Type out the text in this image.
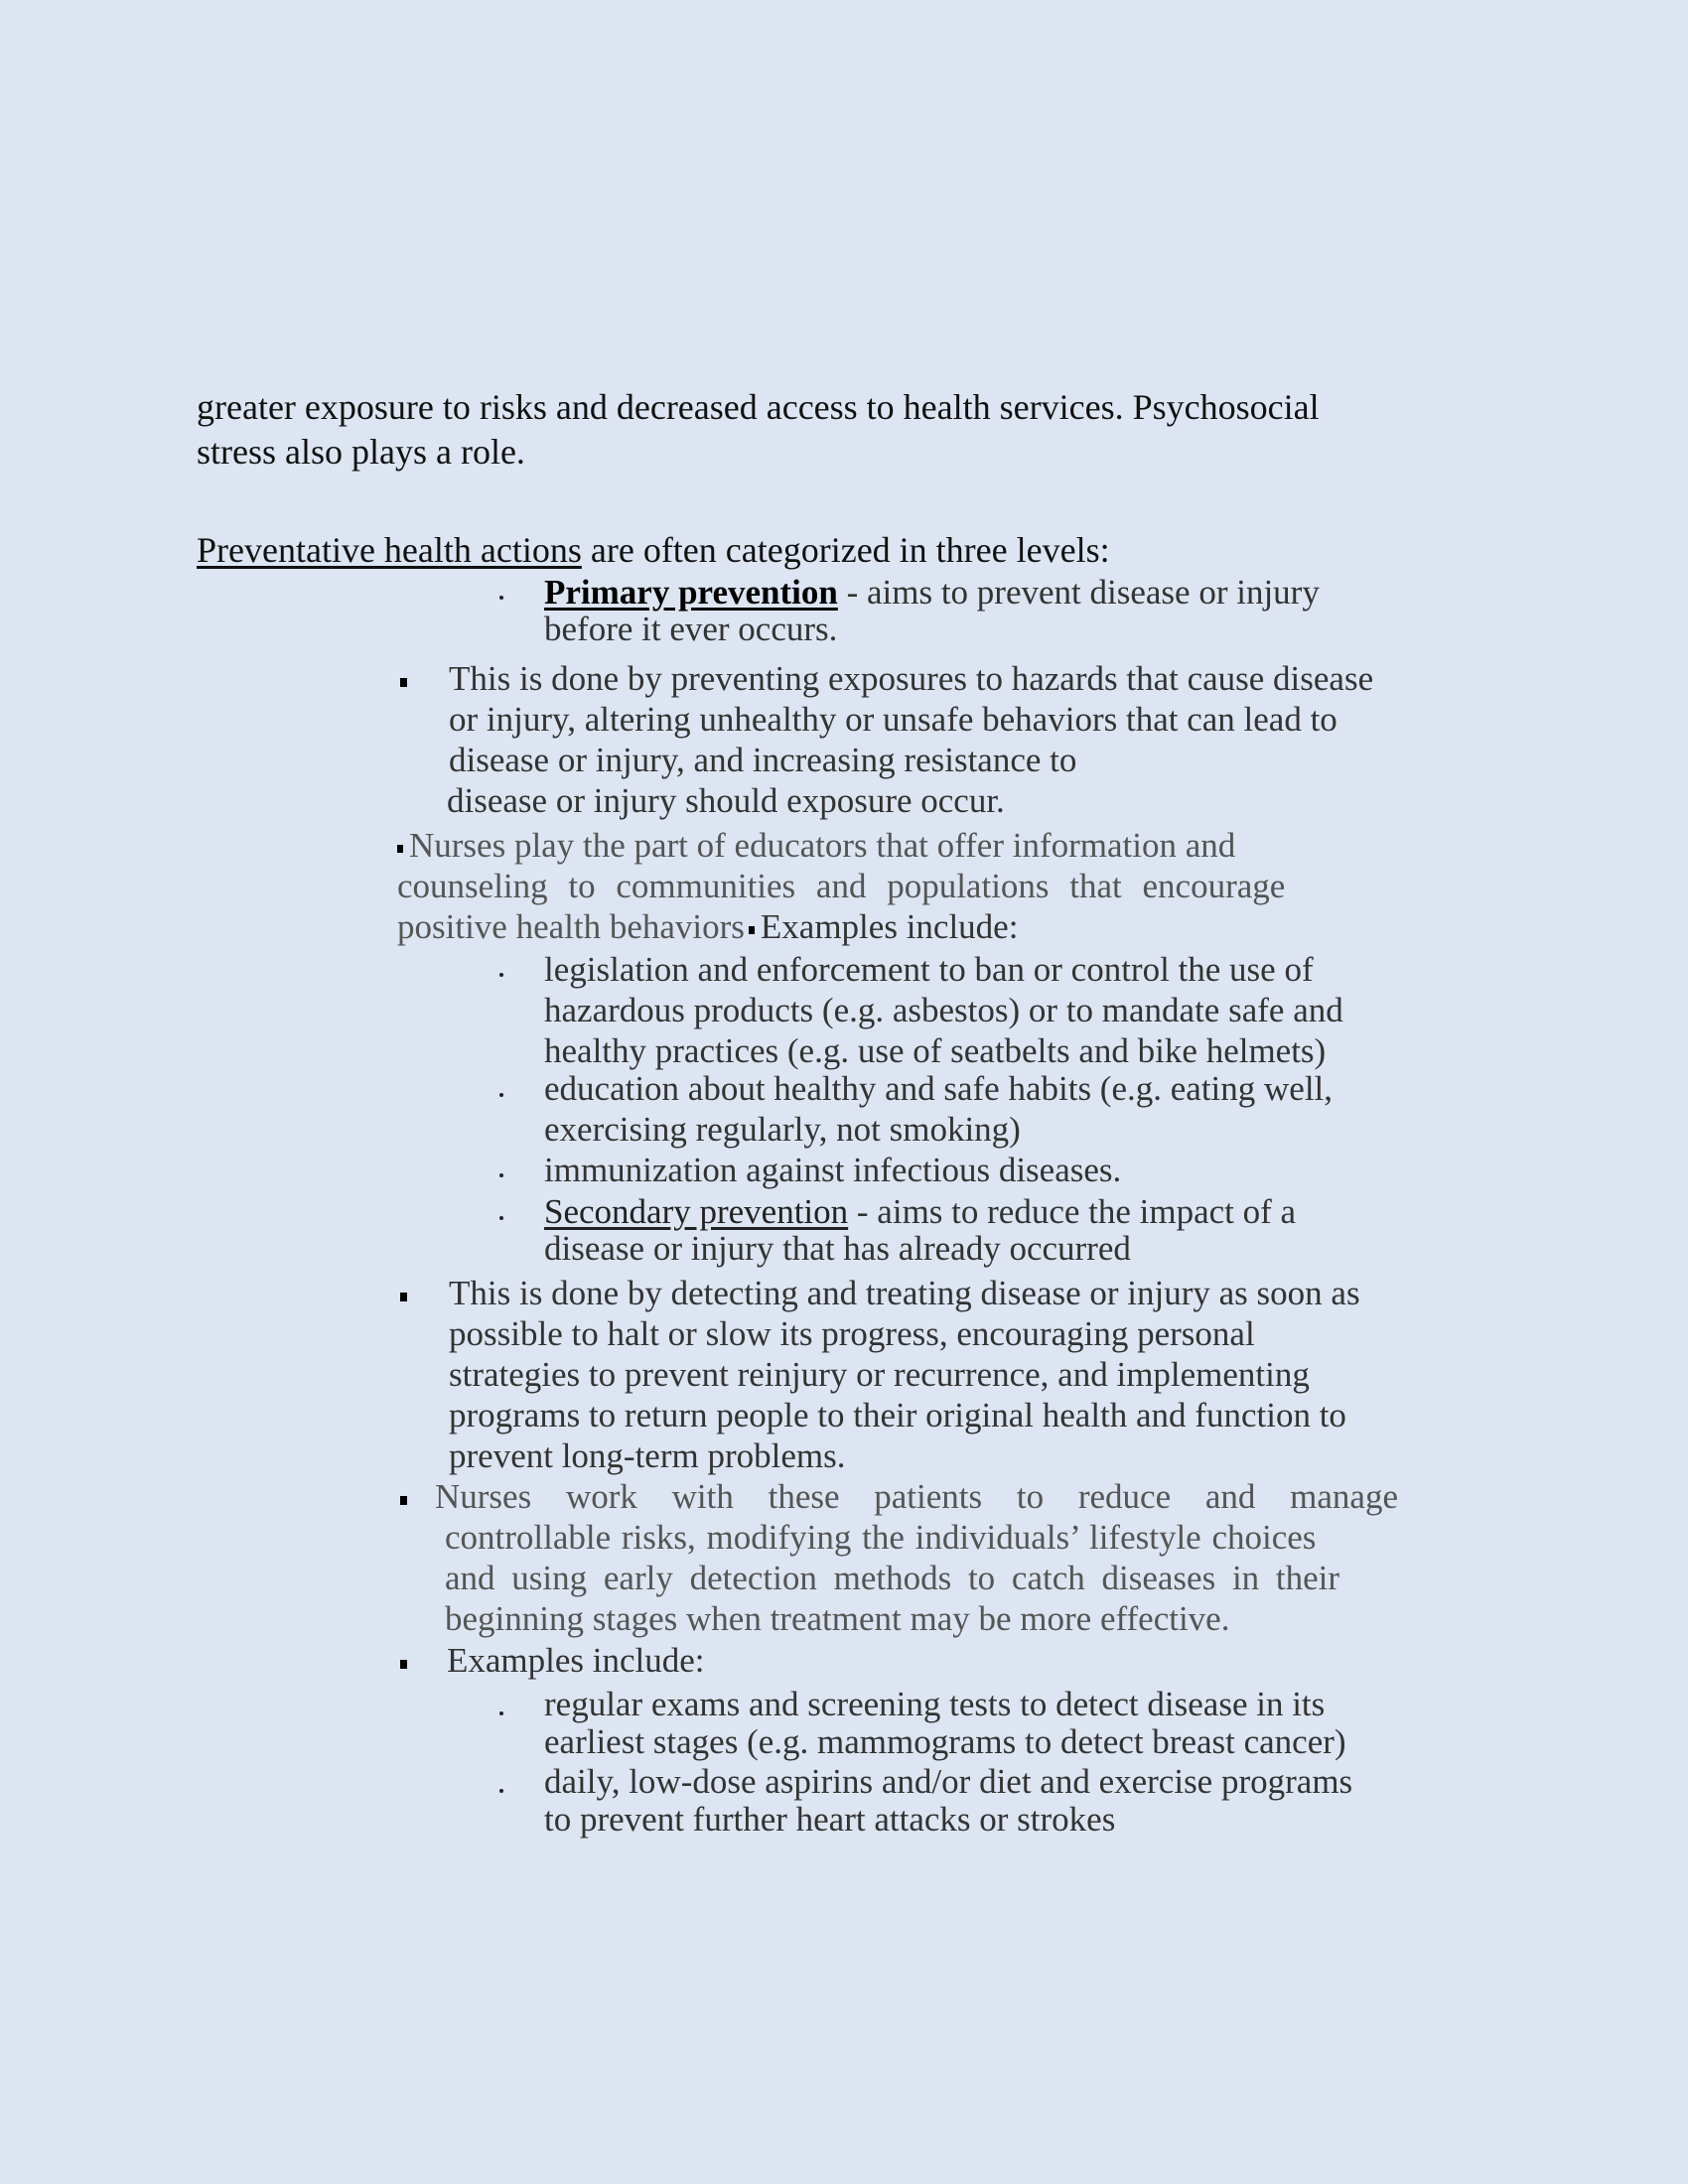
greater exposure to risks and decreased access to health services. Psychosocial
stress also plays a role.
Preventative health actions are often categorized in three levels:
Primary prevention - aims to prevent disease or injury
before it ever occurs.
This is done by preventing exposures to hazards that cause disease
or injury, altering unhealthy or unsafe behaviors that can lead to
disease or injury, and increasing resistance to
disease or injury should exposure occur.
Nurses play the part of educators that offer information and
counseling to communities and populations that encourage
positive health behaviors Examples include:
legislation and enforcement to ban or control the use of
hazardous products (e.g. asbestos) or to mandate safe and
healthy practices (e.g. use of seatbelts and bike helmets)
education about healthy and safe habits (e.g. eating well,
exercising regularly, not smoking)
immunization against infectious diseases.
Secondary prevention - aims to reduce the impact of a
disease or injury that has already occurred
This is done by detecting and treating disease or injury as soon as
possible to halt or slow its progress, encouraging personal
strategies to prevent reinjury or recurrence, and implementing
programs to return people to their original health and function to
prevent long-term problems.
Nurses work with these patients to reduce and manage
controllable risks, modifying the individuals’ lifestyle choices
and using early detection methods to catch diseases in their
beginning stages when treatment may be more effective.
Examples include:
regular exams and screening tests to detect disease in its
earliest stages (e.g. mammograms to detect breast cancer)
daily, low-dose aspirins and/or diet and exercise programs
to prevent further heart attacks or strokes
